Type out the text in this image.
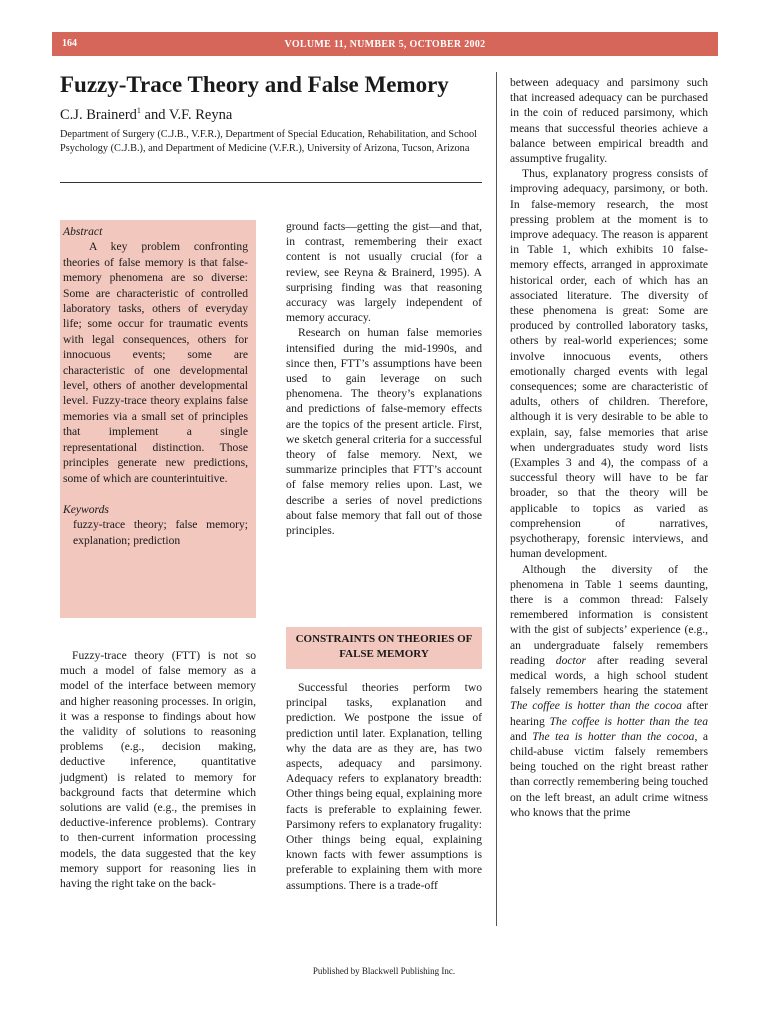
164	VOLUME 11, NUMBER 5, OCTOBER 2002
Fuzzy-Trace Theory and False Memory
C.J. Brainerd$^1$ and V.F. Reyna
Department of Surgery (C.J.B., V.F.R.), Department of Special Education, Rehabilitation, and School Psychology (C.J.B.), and Department of Medicine (V.F.R.), University of Arizona, Tucson, Arizona
Abstract

A key problem confronting theories of false memory is that false-memory phenomena are so diverse: Some are characteristic of controlled laboratory tasks, others of everyday life; some occur for traumatic events with legal consequences, others for innocuous events; some are characteristic of one developmental level, others of another developmental level. Fuzzy-trace theory explains false memories via a small set of principles that implement a single representational distinction. Those principles generate new predictions, some of which are counterintuitive.

Keywords

fuzzy-trace theory; false memory; explanation; prediction

Fuzzy-trace theory (FTT) is not so much a model of false memory as a model of the interface between memory and higher reasoning processes. In origin, it was a response to findings about how the validity of solutions to reasoning problems (e.g., decision making, deductive inference, quantitative judgment) is related to memory for background facts that determine which solutions are valid (e.g., the premises in deductive-inference problems). Contrary to then-current information processing models, the data suggested that the key memory support for reasoning lies in having the right take on the back-

ground facts—getting the gist—and that, in contrast, remembering their exact content is not usually crucial (for a review, see Reyna & Brainerd, 1995). A surprising finding was that reasoning accuracy was largely independent of memory accuracy.

Research on human false memories intensified during the mid-1990s, and since then, FTT’s assumptions have been used to gain leverage on such phenomena. The theory’s explanations and predictions of false-memory effects are the topics of the present article. First, we sketch general criteria for a successful theory of false memory. Next, we summarize principles that FTT’s account of false memory relies upon. Last, we describe a series of novel predictions about false memory that fall out of those principles.

CONSTRAINTS ON THEORIES OF FALSE MEMORY

Successful theories perform two principal tasks, explanation and prediction. We postpone the issue of prediction until later. Explanation, telling why the data are as they are, has two aspects, adequacy and parsimony. Adequacy refers to explanatory breadth: Other things being equal, explaining more facts is preferable to explaining fewer. Parsimony refers to explanatory frugality: Other things being equal, explaining known facts with fewer assumptions is preferable to explaining them with more assumptions. There is a trade-off

between adequacy and parsimony such that increased adequacy can be purchased in the coin of reduced parsimony, which means that successful theories achieve a balance between empirical breadth and assumptive frugality.

Thus, explanatory progress consists of improving adequacy, parsimony, or both. In false-memory research, the most pressing problem at the moment is to improve adequacy. The reason is apparent in Table 1, which exhibits 10 false-memory effects, arranged in approximate historical order, each of which has an associated literature. The diversity of these phenomena is great: Some are produced by controlled laboratory tasks, others by real-world experiences; some involve innocuous events, others emotionally charged events with legal consequences; some are characteristic of adults, others of children. Therefore, although it is very desirable to be able to explain, say, false memories that arise when undergraduates study word lists (Examples 3 and 4), the compass of a successful theory will have to be far broader, so that the theory will be applicable to topics as varied as comprehension of narratives, psychotherapy, forensic interviews, and human development.

Although the diversity of the phenomena in Table 1 seems daunting, there is a common thread: Falsely remembered information is consistent with the gist of subjects’ experience (e.g., an undergraduate falsely remembers reading doctor after reading several medical words, a high school student falsely remembers hearing the statement The coffee is hotter than the cocoa after hearing The coffee is hotter than the tea and The tea is hotter than the cocoa, a child-abuse victim falsely remembers being touched on the right breast rather than correctly remembering being touched on the left breast, an adult crime witness who knows that the prime

Published by Blackwell Publishing Inc.
